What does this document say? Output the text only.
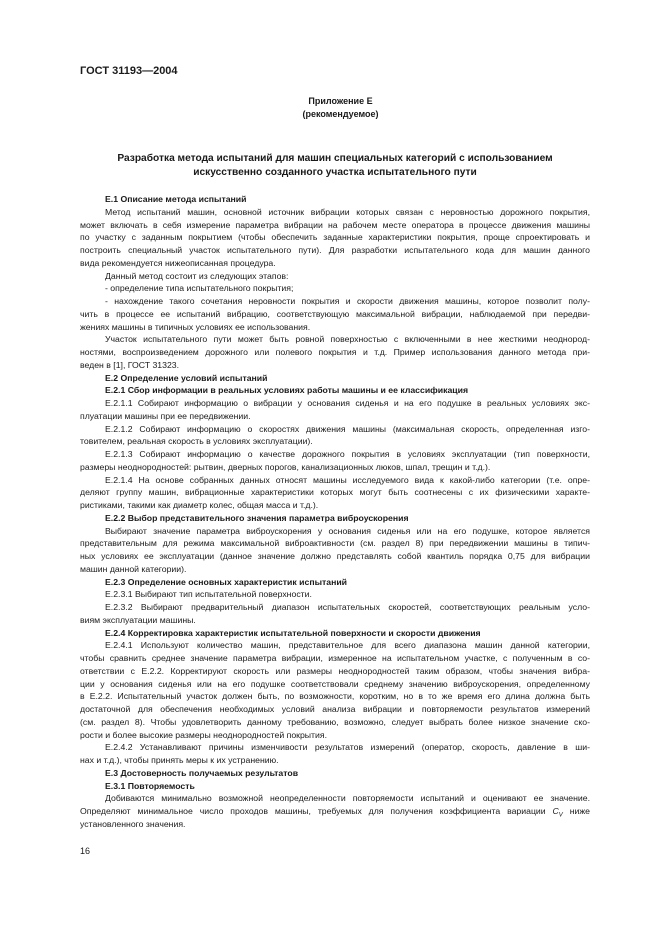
ГОСТ 31193—2004
Приложение Е
(рекомендуемое)
Разработка метода испытаний для машин специальных категорий с использованием
искусственно созданного участка испытательного пути
Е.1 Описание метода испытаний
Метод испытаний машин, основной источник вибрации которых связан с неровностью дорожного покрытия,
может включать в себя измерение параметра вибрации на рабочем месте оператора в процессе движения машины
по участку с заданным покрытием (чтобы обеспечить заданные характеристики покрытия, проще спроектировать и
построить специальный участок испытательного пути). Для разработки испытательного кода для машин данного
вида рекомендуется нижеописанная процедура.
Данный метод состоит из следующих этапов:
- определение типа испытательного покрытия;
- нахождение такого сочетания неровности покрытия и скорости движения машины, которое позволит полу-
чить в процессе ее испытаний вибрацию, соответствующую максимальной вибрации, наблюдаемой при передви-
жениях машины в типичных условиях ее использования.
Участок испытательного пути может быть ровной поверхностью с включенными в нее жесткими неоднород-
ностями, воспроизведением дорожного или полевого покрытия и т.д. Пример использования данного метода при-
веден в [1], ГОСТ 31323.
Е.2 Определение условий испытаний
Е.2.1 Сбор информации в реальных условиях работы машины и ее классификация
Е.2.1.1 Собирают информацию о вибрации у основания сиденья и на его подушке в реальных условиях экс-
плуатации машины при ее передвижении.
Е.2.1.2 Собирают информацию о скоростях движения машины (максимальная скорость, определенная изго-
товителем, реальная скорость в условиях эксплуатации).
Е.2.1.3 Собирают информацию о качестве дорожного покрытия в условиях эксплуатации (тип поверхности,
размеры неоднородностей: рытвин, дверных порогов, канализационных люков, шпал, трещин и т.д.).
Е.2.1.4 На основе собранных данных относят машины исследуемого вида к какой-либо категории (т.е. опре-
деляют группу машин, вибрационные характеристики которых могут быть соотнесены с их физическими характе-
ристиками, такими как диаметр колес, общая масса и т.д.).
Е.2.2 Выбор представительного значения параметра виброускорения
Выбирают значение параметра виброускорения у основания сиденья или на его подушке, которое является
представительным для режима максимальной виброактивности (см. раздел 8) при передвижении машины в типич-
ных условиях ее эксплуатации (данное значение должно представлять собой квантиль порядка 0,75 для вибрации
машин данной категории).
Е.2.3 Определение основных характеристик испытаний
Е.2.3.1 Выбирают тип испытательной поверхности.
Е.2.3.2 Выбирают предварительный диапазон испытательных скоростей, соответствующих реальным усло-
виям эксплуатации машины.
Е.2.4 Корректировка характеристик испытательной поверхности и скорости движения
Е.2.4.1 Используют количество машин, представительное для всего диапазона машин данной категории,
чтобы сравнить среднее значение параметра вибрации, измеренное на испытательном участке, с полученным в со-
ответствии с Е.2.2. Корректируют скорость или размеры неоднородностей таким образом, чтобы значения вибра-
ции у основания сиденья или на его подушке соответствовали среднему значению виброускорения, определенному
в Е.2.2. Испытательный участок должен быть, по возможности, коротким, но в то же время его длина должна быть
достаточной для обеспечения необходимых условий анализа вибрации и повторяемости результатов измерений
(см. раздел 8). Чтобы удовлетворить данному требованию, возможно, следует выбрать более низкое значение ско-
рости и более высокие размеры неоднородностей покрытия.
Е.2.4.2 Устанавливают причины изменчивости результатов измерений (оператор, скорость, давление в ши-
нах и т.д.), чтобы принять меры к их устранению.
Е.3 Достоверность получаемых результатов
Е.3.1 Повторяемость
Добиваются минимально возможной неопределенности повторяемости испытаний и оценивают ее значение.
Определяют минимальное число проходов машины, требуемых для получения коэффициента вариации $C_V$ ниже
установленного значения.
16
